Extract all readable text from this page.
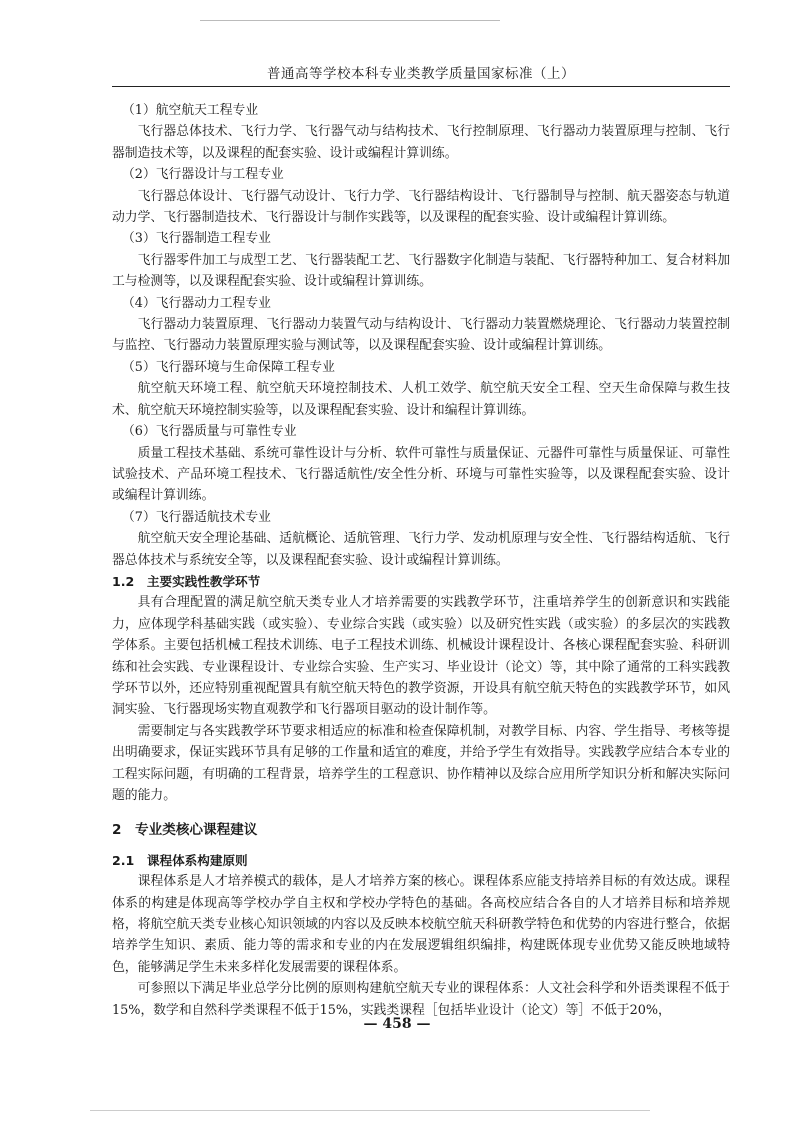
普通高等学校本科专业类教学质量国家标准（上）

（1）航空航天工程专业

飞行器总体技术、飞行力学、飞行器气动与结构技术、飞行控制原理、飞行器动力装置原理与控制、飞行器制造技术等，以及课程的配套实验、设计或编程计算训练。

（2）飞行器设计与工程专业

飞行器总体设计、飞行器气动设计、飞行力学、飞行器结构设计、飞行器制导与控制、航天器姿态与轨道动力学、飞行器制造技术、飞行器设计与制作实践等，以及课程的配套实验、设计或编程计算训练。

（3）飞行器制造工程专业

飞行器零件加工与成型工艺、飞行器装配工艺、飞行器数字化制造与装配、飞行器特种加工、复合材料加工与检测等，以及课程配套实验、设计或编程计算训练。

（4）飞行器动力工程专业

飞行器动力装置原理、飞行器动力装置气动与结构设计、飞行器动力装置燃烧理论、飞行器动力装置控制与监控、飞行器动力装置原理实验与测试等，以及课程配套实验、设计或编程计算训练。

（5）飞行器环境与生命保障工程专业

航空航天环境工程、航空航天环境控制技术、人机工效学、航空航天安全工程、空天生命保障与救生技术、航空航天环境控制实验等，以及课程配套实验、设计和编程计算训练。

（6）飞行器质量与可靠性专业

质量工程技术基础、系统可靠性设计与分析、软件可靠性与质量保证、元器件可靠性与质量保证、可靠性试验技术、产品环境工程技术、飞行器适航性/安全性分析、环境与可靠性实验等，以及课程配套实验、设计或编程计算训练。

（7）飞行器适航技术专业

航空航天安全理论基础、适航概论、适航管理、飞行力学、发动机原理与安全性、飞行器结构适航、飞行器总体技术与系统安全等，以及课程配套实验、设计或编程计算训练。

1.2　主要实践性教学环节

具有合理配置的满足航空航天类专业人才培养需要的实践教学环节，注重培养学生的创新意识和实践能力，应体现学科基础实践（或实验）、专业综合实践（或实验）以及研究性实践（或实验）的多层次的实践教学体系。主要包括机械工程技术训练、电子工程技术训练、机械设计课程设计、各核心课程配套实验、科研训练和社会实践、专业课程设计、专业综合实验、生产实习、毕业设计（论文）等，其中除了通常的工科实践教学环节以外，还应特别重视配置具有航空航天特色的教学资源，开设具有航空航天特色的实践教学环节，如风洞实验、飞行器现场实物直观教学和飞行器项目驱动的设计制作等。

需要制定与各实践教学环节要求相适应的标准和检查保障机制，对教学目标、内容、学生指导、考核等提出明确要求，保证实践环节具有足够的工作量和适宜的难度，并给予学生有效指导。实践教学应结合本专业的工程实际问题，有明确的工程背景，培养学生的工程意识、协作精神以及综合应用所学知识分析和解决实际问题的能力。

2　专业类核心课程建议

2.1　课程体系构建原则

课程体系是人才培养模式的载体，是人才培养方案的核心。课程体系应能支持培养目标的有效达成。课程体系的构建是体现高等学校办学自主权和学校办学特色的基础。各高校应结合各自的人才培养目标和培养规格，将航空航天类专业核心知识领域的内容以及反映本校航空航天科研教学特色和优势的内容进行整合，依据培养学生知识、素质、能力等的需求和专业的内在发展逻辑组织编排，构建既体现专业优势又能反映地域特色，能够满足学生未来多样化发展需要的课程体系。

可参照以下满足毕业总学分比例的原则构建航空航天专业的课程体系：人文社会科学和外语类课程不低于15%，数学和自然科学类课程不低于15%，实践类课程［包括毕业设计（论文）等］不低于20%，

— 458 —
